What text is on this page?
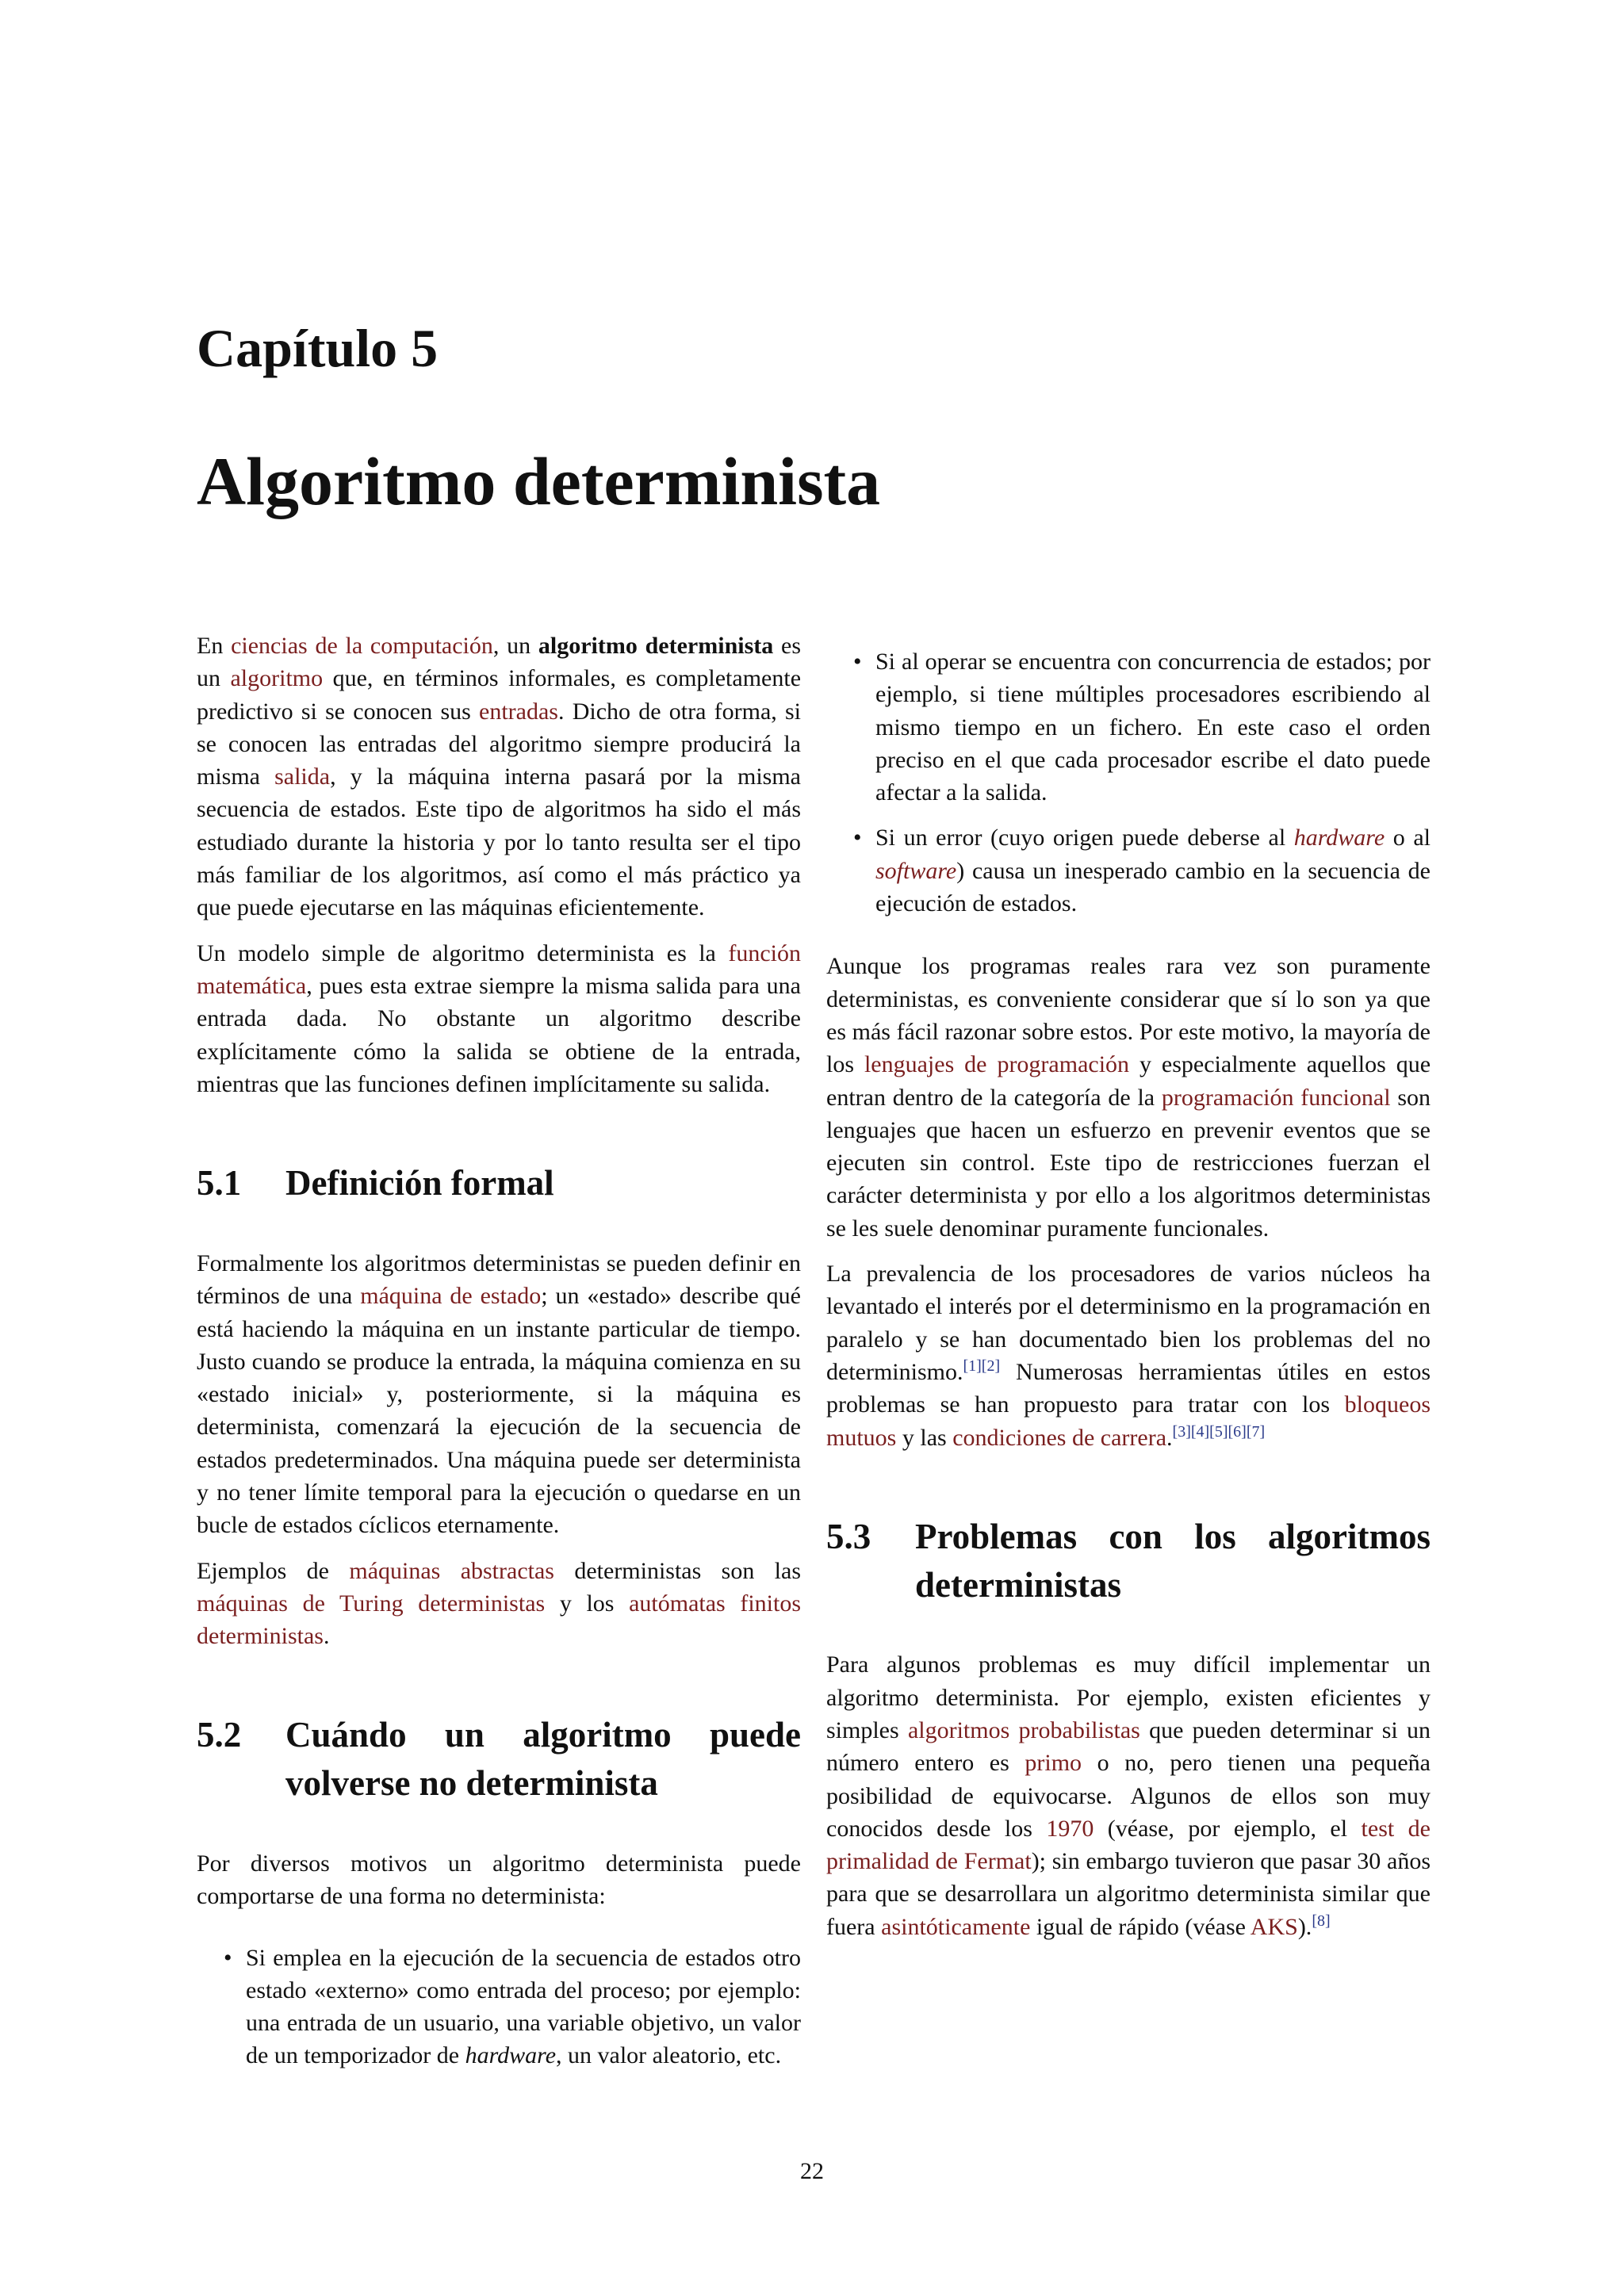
Capítulo 5
Algoritmo determinista

En ciencias de la computación, un algoritmo determinista es un algoritmo que, en términos informales, es completamente predictivo si se conocen sus entradas. Dicho de otra forma, si se conocen las entradas del algoritmo siempre producirá la misma salida, y la máquina interna pasará por la misma secuencia de estados. Este tipo de algoritmos ha sido el más estudiado durante la historia y por lo tanto resulta ser el tipo más familiar de los algoritmos, así como el más práctico ya que puede ejecutarse en las máquinas eficientemente.

Un modelo simple de algoritmo determinista es la función matemática, pues esta extrae siempre la misma salida para una entrada dada. No obstante un algoritmo describe explícitamente cómo la salida se obtiene de la entrada, mientras que las funciones definen implícitamente su salida.

5.1	Definición formal

Formalmente los algoritmos deterministas se pueden definir en términos de una máquina de estado; un «estado» describe qué está haciendo la máquina en un instante particular de tiempo. Justo cuando se produce la entrada, la máquina comienza en su «estado inicial» y, posteriormente, si la máquina es determinista, comenzará la ejecución de la secuencia de estados predeterminados. Una máquina puede ser determinista y no tener límite temporal para la ejecución o quedarse en un bucle de estados cíclicos eternamente.

Ejemplos de máquinas abstractas deterministas son las máquinas de Turing deterministas y los autómatas finitos deterministas.

5.2	Cuándo un algoritmo puede volverse no determinista

Por diversos motivos un algoritmo determinista puede comportarse de una forma no determinista:

• Si emplea en la ejecución de la secuencia de estados otro estado «externo» como entrada del proceso; por ejemplo: una entrada de un usuario, una variable objetivo, un valor de un temporizador de hardware, un valor aleatorio, etc.
• Si al operar se encuentra con concurrencia de estados; por ejemplo, si tiene múltiples procesadores escribiendo al mismo tiempo en un fichero. En este caso el orden preciso en el que cada procesador escribe el dato puede afectar a la salida.
• Si un error (cuyo origen puede deberse al hardware o al software) causa un inesperado cambio en la secuencia de ejecución de estados.

Aunque los programas reales rara vez son puramente deterministas, es conveniente considerar que sí lo son ya que es más fácil razonar sobre estos. Por este motivo, la mayoría de los lenguajes de programación y especialmente aquellos que entran dentro de la categoría de la programación funcional son lenguajes que hacen un esfuerzo en prevenir eventos que se ejecuten sin control. Este tipo de restricciones fuerzan el carácter determinista y por ello a los algoritmos deterministas se les suele denominar puramente funcionales.

La prevalencia de los procesadores de varios núcleos ha levantado el interés por el determinismo en la programación en paralelo y se han documentado bien los problemas del no determinismo.[1][2] Numerosas herramientas útiles en estos problemas se han propuesto para tratar con los bloqueos mutuos y las condiciones de carrera.[3][4][5][6][7]

5.3	Problemas con los algoritmos deterministas

Para algunos problemas es muy difícil implementar un algoritmo determinista. Por ejemplo, existen eficientes y simples algoritmos probabilistas que pueden determinar si un número entero es primo o no, pero tienen una pequeña posibilidad de equivocarse. Algunos de ellos son muy conocidos desde los 1970 (véase, por ejemplo, el test de primalidad de Fermat); sin embargo tuvieron que pasar 30 años para que se desarrollara un algoritmo determinista similar que fuera asintóticamente igual de rápido (véase AKS).[8]

22
